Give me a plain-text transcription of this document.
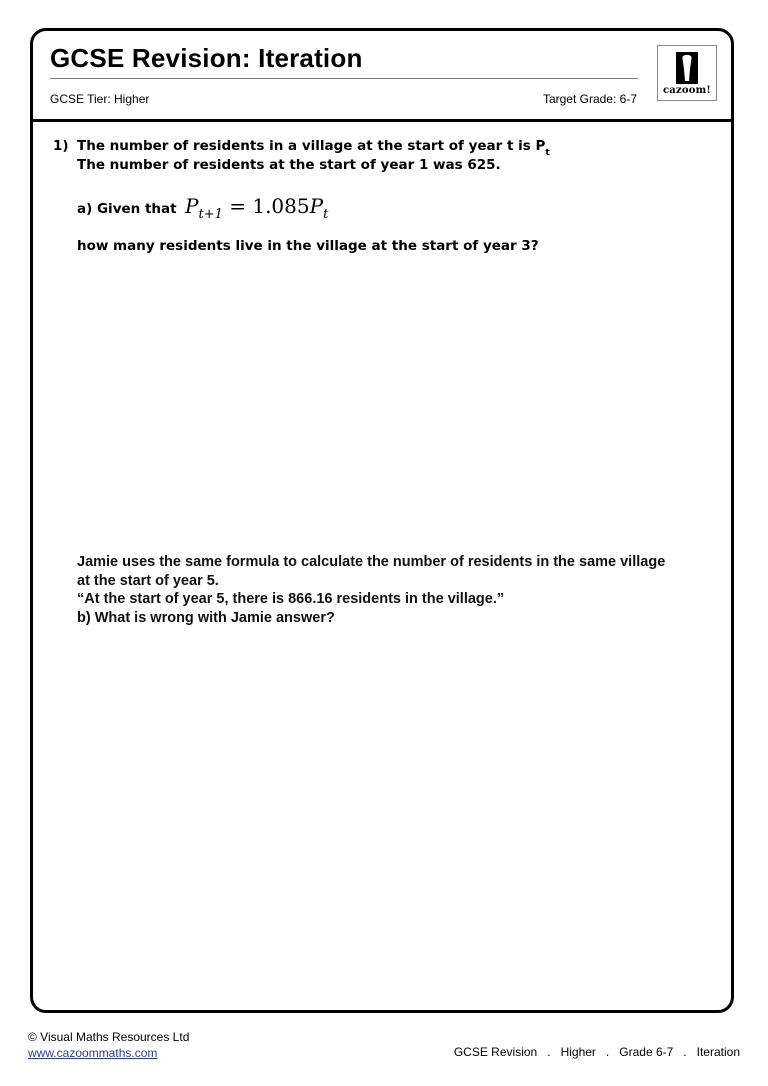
GCSE Revision: Iteration
GCSE Tier: Higher	Target Grade: 6-7
cazoom!
1) The number of residents in a village at the start of year t is $P_t$
The number of residents at the start of year 1 was 625.
a) Given that $P_{t+1} = 1.085P_t$
how many residents live in the village at the start of year 3?
Jamie uses the same formula to calculate the number of residents in the same village
at the start of year 5.
“At the start of year 5, there is 866.16 residents in the village.”
b) What is wrong with Jamie answer?
© Visual Maths Resources Ltd
www.cazoommaths.com	GCSE Revision . Higher . Grade 6-7 . Iteration
